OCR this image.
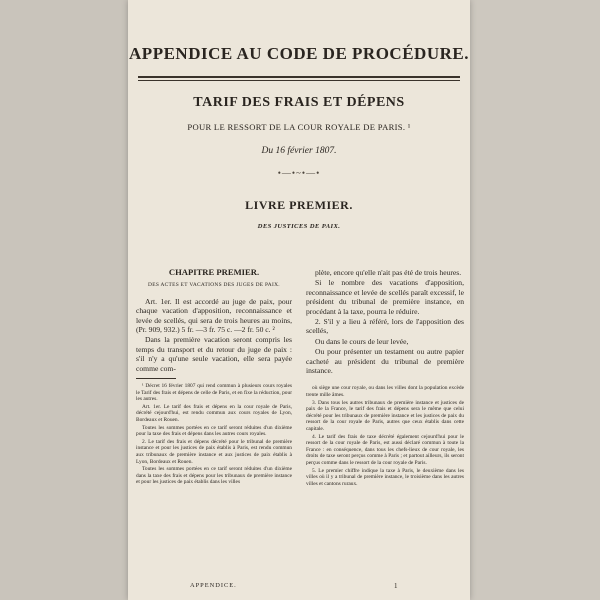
APPENDICE AU CODE DE PROCÉDURE.
TARIF DES FRAIS ET DÉPENS
POUR LE RESSORT DE LA COUR ROYALE DE PARIS. ¹
Du 16 février 1807.
•—•~•—•
LIVRE PREMIER.
DES JUSTICES DE PAIX.
CHAPITRE PREMIER.
DES ACTES ET VACATIONS DES JUGES DE PAIX.

Art. 1er. Il est accordé au juge de paix, pour chaque vacation d'apposition, reconnaissance et levée de scellés, qui sera de trois heures au moins, (Pr. 909, 932.) 5 fr. —3 fr. 75 c. —2 fr. 50 c. ²

Dans la première vacation seront compris les temps du transport et du retour du juge de paix : s'il n'y a qu'une seule vacation, elle sera payée comme com-

¹ Décret 16 février 1807 qui rend commun à plusieurs cours royales le Tarif des frais et dépens de celle de Paris, et en fixe la réduction, pour les autres.

Art. 1er. Le tarif des frais et dépens en la cour royale de Paris, décrété cejourd'hui, est rendu commun aux cours royales de Lyon, Bordeaux et Rouen.

Toutes les sommes portées en ce tarif seront réduites d'un dixième pour la taxe des frais et dépens dans les autres cours royales.

2. Le tarif des frais et dépens décrété pour le tribunal de première instance et pour les justices de paix établis à Paris, est rendu commun aux tribunaux de première instance et aux justices de paix établis à Lyon, Bordeaux et Rouen.

Toutes les sommes portées en ce tarif seront réduites d'un dixième dans la taxe des frais et dépens pour les tribunaux de première instance et pour les justices de paix établis dans les villes

plète, encore qu'elle n'ait pas été de trois heures.

Si le nombre des vacations d'apposition, reconnaissance et levée de scellés paraît excessif, le président du tribunal de première instance, en procédant à la taxe, pourra le réduire.

2. S'il y a lieu à référé, lors de l'apposition des scellés,

Ou dans le cours de leur levée,

Ou pour présenter un testament ou autre papier cacheté au président du tribunal de première instance.

où siège une cour royale, ou dans les villes dont la population excède trente mille âmes.

3. Dans tous les autres tribunaux de première instance et justices de paix de la France, le tarif des frais et dépens sera le même que celui décrété pour les tribunaux de première instance et les justices de paix du ressort de la cour royale de Paris, autres que ceux établis dans cette capitale.

4. Le tarif des frais de taxe décrété également cejourd'hui pour le ressort de la cour royale de Paris, est aussi déclaré commun à toute la France : en conséquence, dans tous les chefs-lieux de cour royale, les droits de taxe seront perçus comme à Paris ; et partout ailleurs, ils seront perçus comme dans le ressort de la cour royale de Paris.

5. Le premier chiffre indique la taxe à Paris, le deuxième dans les villes où il y a tribunal de première instance, le troisième dans les autres villes et cantons ruraux.

APPENDICE.	1
